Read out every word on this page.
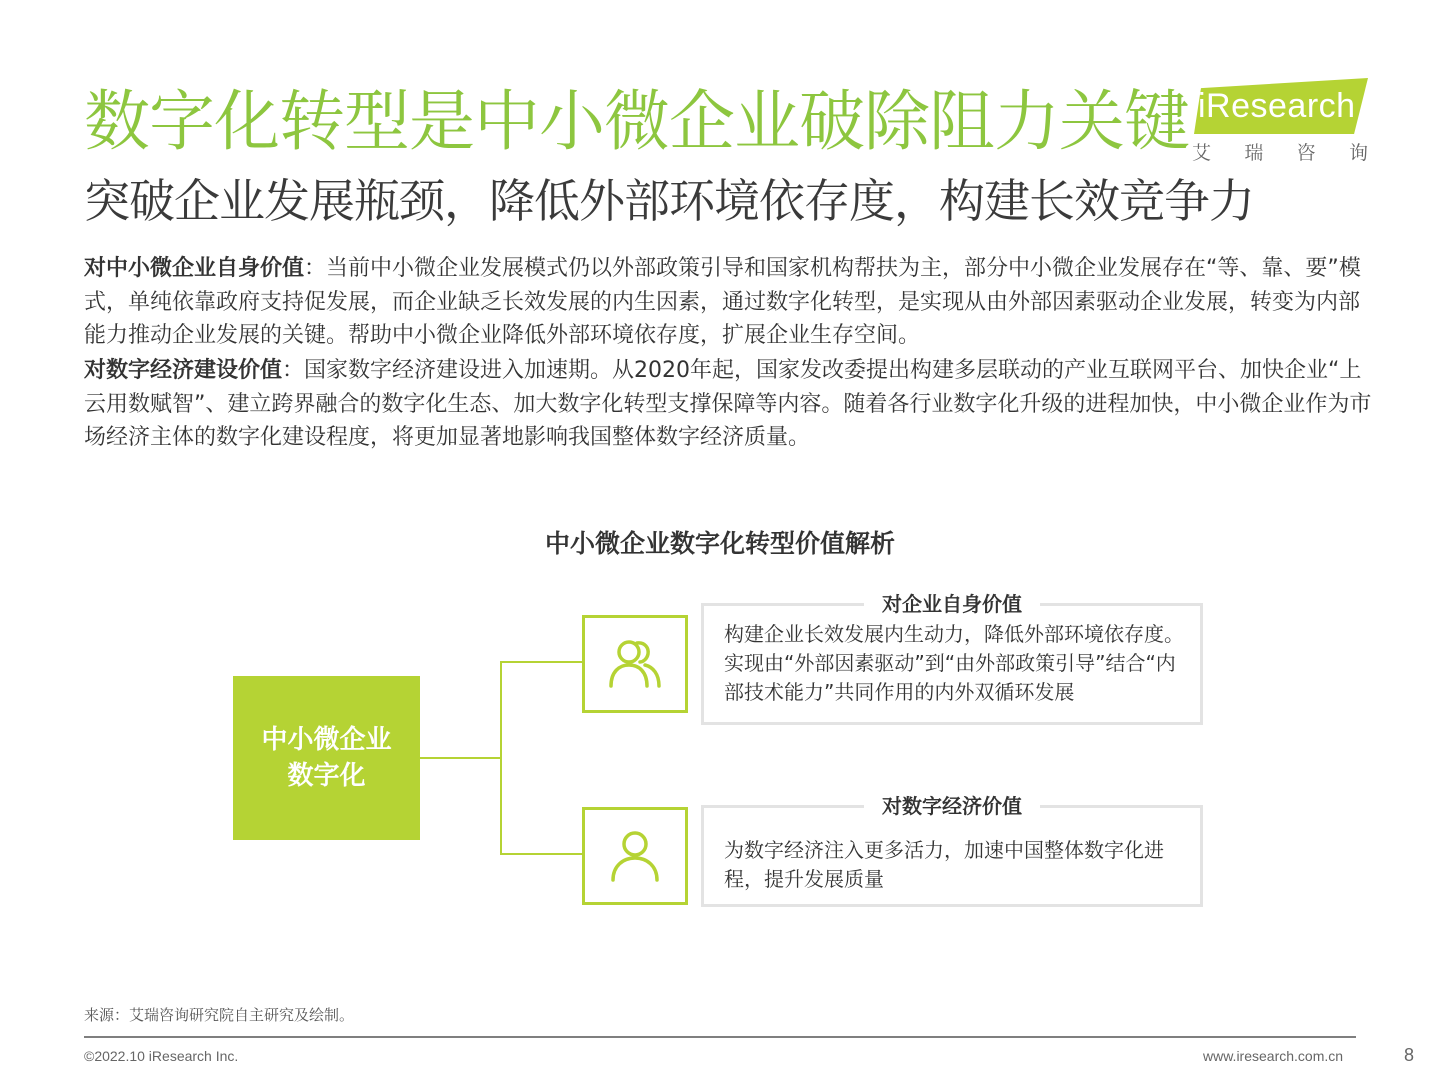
数字化转型是中小微企业破除阻力关键
突破企业发展瓶颈，降低外部环境依存度，构建长效竞争力
iResearch
艾 瑞 咨 询
对中小微企业自身价值：当前中小微企业发展模式仍以外部政策引导和国家机构帮扶为主，部分中小微企业发展存在“等、靠、要”模式，单纯依靠政府支持促发展，而企业缺乏长效发展的内生因素，通过数字化转型，是实现从由外部因素驱动企业发展，转变为内部能力推动企业发展的关键。帮助中小微企业降低外部环境依存度，扩展企业生存空间。
对数字经济建设价值：国家数字经济建设进入加速期。从2020年起，国家发改委提出构建多层联动的产业互联网平台、加快企业“上云用数赋智”、建立跨界融合的数字化生态、加大数字化转型支撑保障等内容。随着各行业数字化升级的进程加快，中小微企业作为市场经济主体的数字化建设程度，将更加显著地影响我国整体数字经济质量。
中小微企业数字化转型价值解析
中小微企业
数字化
对企业自身价值
构建企业长效发展内生动力，降低外部环境依存度。实现由“外部因素驱动”到“由外部政策引导”结合“内部技术能力”共同作用的内外双循环发展
对数字经济价值
为数字经济注入更多活力，加速中国整体数字化进程，提升发展质量
来源：艾瑞咨询研究院自主研究及绘制。
©2022.10 iResearch Inc.	www.iresearch.com.cn	8
